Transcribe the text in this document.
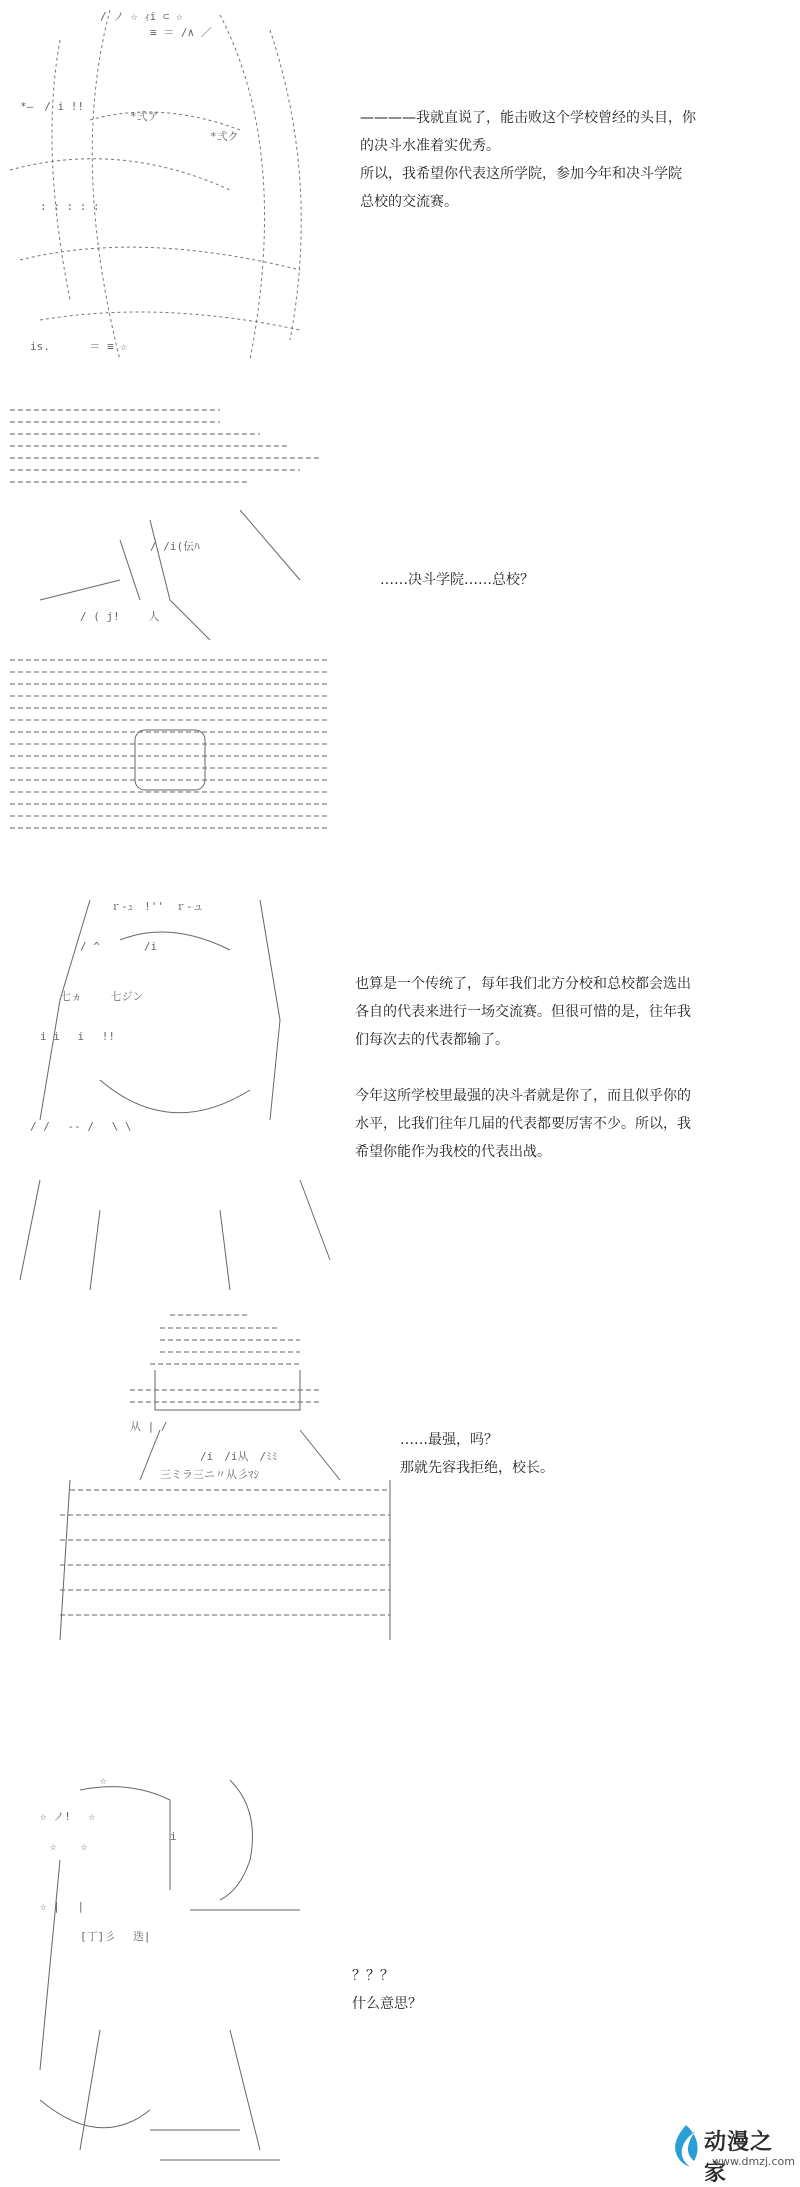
/ ノ ☆ ｨi ⊂ ☆
≡ ＝ /∧ ／
*—　/ i !!
*弍ク
*弍ア
: : : : :
is.　　　 ＝ ≡ ☆

————我就直说了，能击败这个学校曾经的头目，你

的决斗水准着实优秀。

所以，我希望你代表这所学院，参加今年和决斗学院

总校的交流赛。

/ /i(伝ﾊ
/ ( j!　　 人

……决斗学院……总校？

ｒ‐ｭ　!''　ｒ‐ュ
七ヵ　　 七ジン
/ ^　　　　/i
i i　 i　 !!
/ /　 ‐‐ /　 \ \

也算是一个传统了，每年我们北方分校和总校都会选出

各自的代表来进行一场交流赛。但很可惜的是，往年我

们每次去的代表都输了。

今年这所学校里最强的决斗者就是你了，而且似乎你的

水平，比我们往年几届的代表都要厉害不少。所以，我

希望你能作为我校的代表出战。

从 | /
/i　/i从　/ﾐﾐ
三ミラ三ニ〃从彡ﾏｼ

……最强，吗？

那就先容我拒绝，校长。

☆
☆ ノ!　 ☆
☆ 　 ☆
☆ |　 |
[丁]彡　 迭|
i

？？？

什么意思？

动漫之家
www.dmzj.com
